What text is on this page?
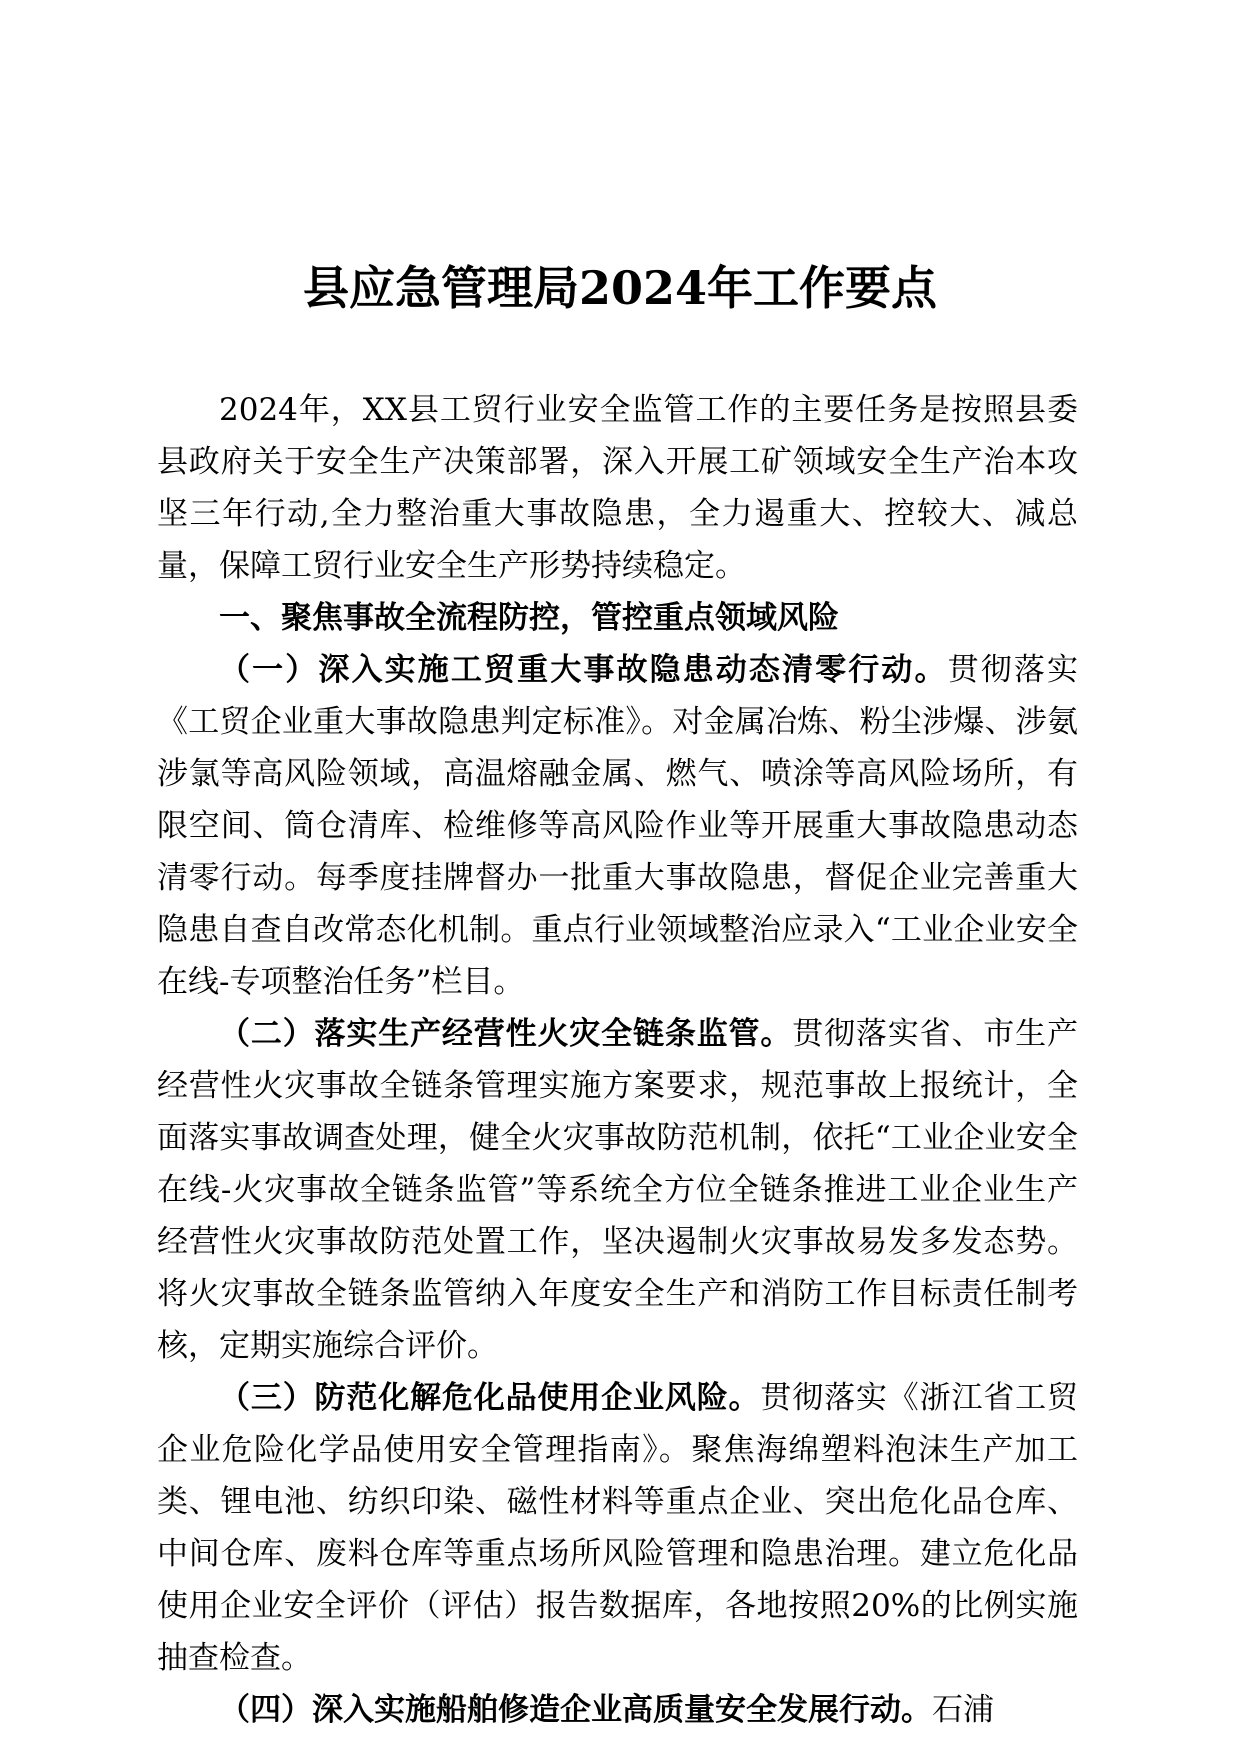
县应急管理局2024年工作要点

2024年，XX县工贸行业安全监管工作的主要任务是按照县委县政府关于安全生产决策部署，深入开展工矿领域安全生产治本攻坚三年行动,全力整治重大事故隐患，全力遏重大、控较大、减总量，保障工贸行业安全生产形势持续稳定。

一、聚焦事故全流程防控，管控重点领域风险

（一）深入实施工贸重大事故隐患动态清零行动。贯彻落实《工贸企业重大事故隐患判定标准》。对金属冶炼、粉尘涉爆、涉氨涉氯等高风险领域，高温熔融金属、燃气、喷涂等高风险场所，有限空间、筒仓清库、检维修等高风险作业等开展重大事故隐患动态清零行动。每季度挂牌督办一批重大事故隐患，督促企业完善重大隐患自查自改常态化机制。重点行业领域整治应录入“工业企业安全在线-专项整治任务”栏目。

（二）落实生产经营性火灾全链条监管。贯彻落实省、市生产经营性火灾事故全链条管理实施方案要求，规范事故上报统计，全面落实事故调查处理，健全火灾事故防范机制，依托“工业企业安全在线-火灾事故全链条监管”等系统全方位全链条推进工业企业生产经营性火灾事故防范处置工作，坚决遏制火灾事故易发多发态势。将火灾事故全链条监管纳入年度安全生产和消防工作目标责任制考核，定期实施综合评价。

（三）防范化解危化品使用企业风险。贯彻落实《浙江省工贸企业危险化学品使用安全管理指南》。聚焦海绵塑料泡沫生产加工类、锂电池、纺织印染、磁性材料等重点企业、突出危化品仓库、中间仓库、废料仓库等重点场所风险管理和隐患治理。建立危化品使用企业安全评价（评估）报告数据库，各地按照20%的比例实施抽查检查。

（四）深入实施船舶修造企业高质量安全发展行动。石浦
